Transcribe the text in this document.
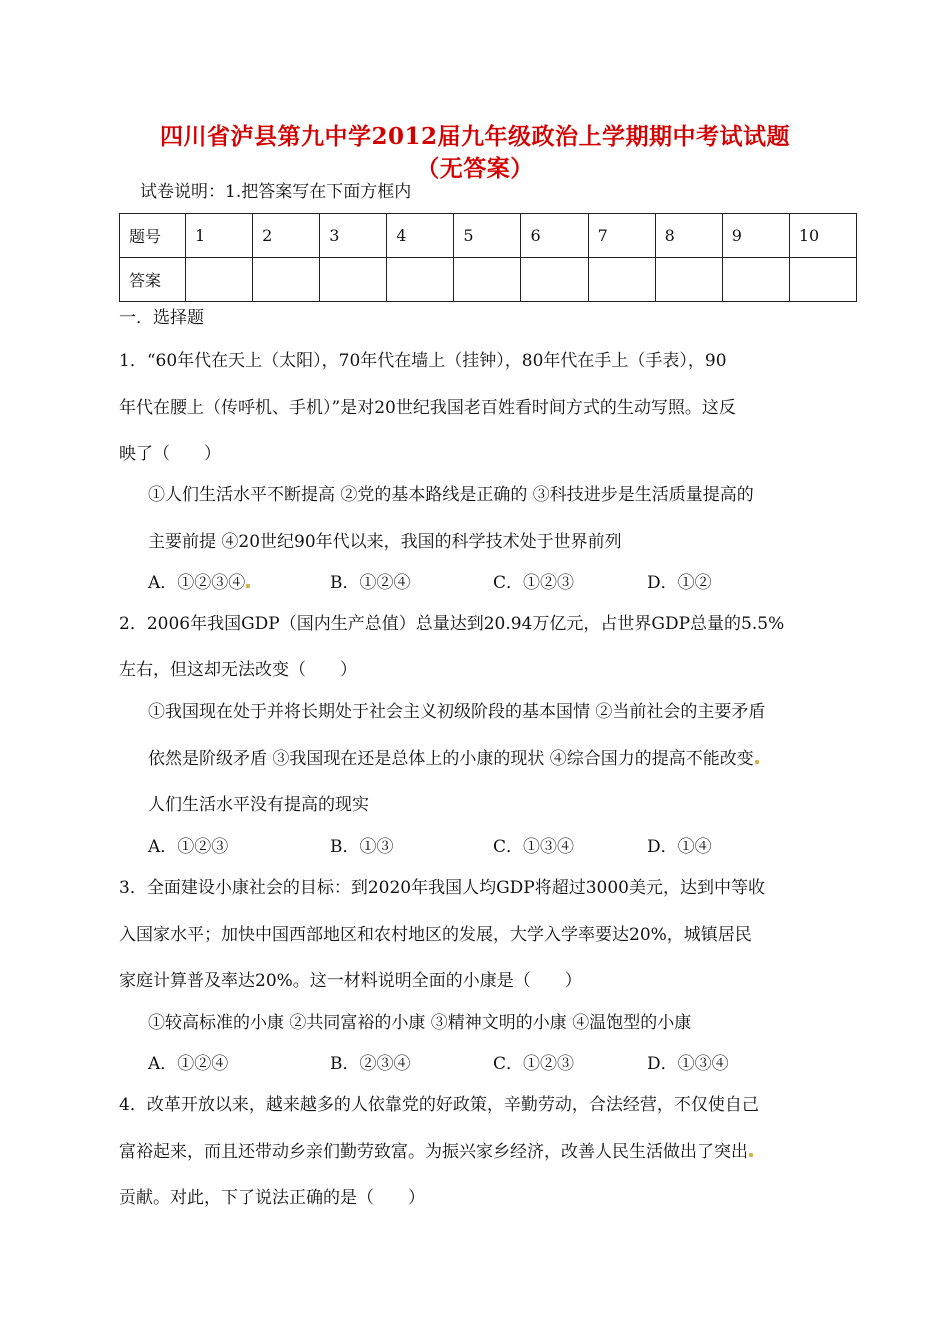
四川省泸县第九中学2012届九年级政治上学期期中考试试题
（无答案）
试卷说明：1.把答案写在下面方框内
题号	1	2	3	4	5	6	7	8	9	10
答案										
一．选择题
1．“60年代在天上（太阳），70年代在墙上（挂钟），80年代在手上（手表），90
年代在腰上（传呼机、手机）”是对20世纪我国老百姓看时间方式的生动写照。这反
映了（　　）
①人们生活水平不断提高 ②党的基本路线是正确的 ③科技进步是生活质量提高的
主要前提 ④20世纪90年代以来，我国的科学技术处于世界前列
A．①②③④	B．①②④	C．①②③	D．①②
2．2006年我国GDP（国内生产总值）总量达到20.94万亿元，占世界GDP总量的5.5%
左右，但这却无法改变（　　）
①我国现在处于并将长期处于社会主义初级阶段的基本国情 ②当前社会的主要矛盾
依然是阶级矛盾 ③我国现在还是总体上的小康的现状 ④综合国力的提高不能改变
人们生活水平没有提高的现实
A．①②③	B．①③	C．①③④	D．①④
3．全面建设小康社会的目标：到2020年我国人均GDP将超过3000美元，达到中等收
入国家水平；加快中国西部地区和农村地区的发展，大学入学率要达20%，城镇居民
家庭计算普及率达20%。这一材料说明全面的小康是（　　）
①较高标准的小康 ②共同富裕的小康 ③精神文明的小康 ④温饱型的小康
A．①②④	B．②③④	C．①②③	D．①③④
4．改革开放以来，越来越多的人依靠党的好政策，辛勤劳动，合法经营，不仅使自己
富裕起来，而且还带动乡亲们勤劳致富。为振兴家乡经济，改善人民生活做出了突出
贡献。对此，下了说法正确的是（　　）
